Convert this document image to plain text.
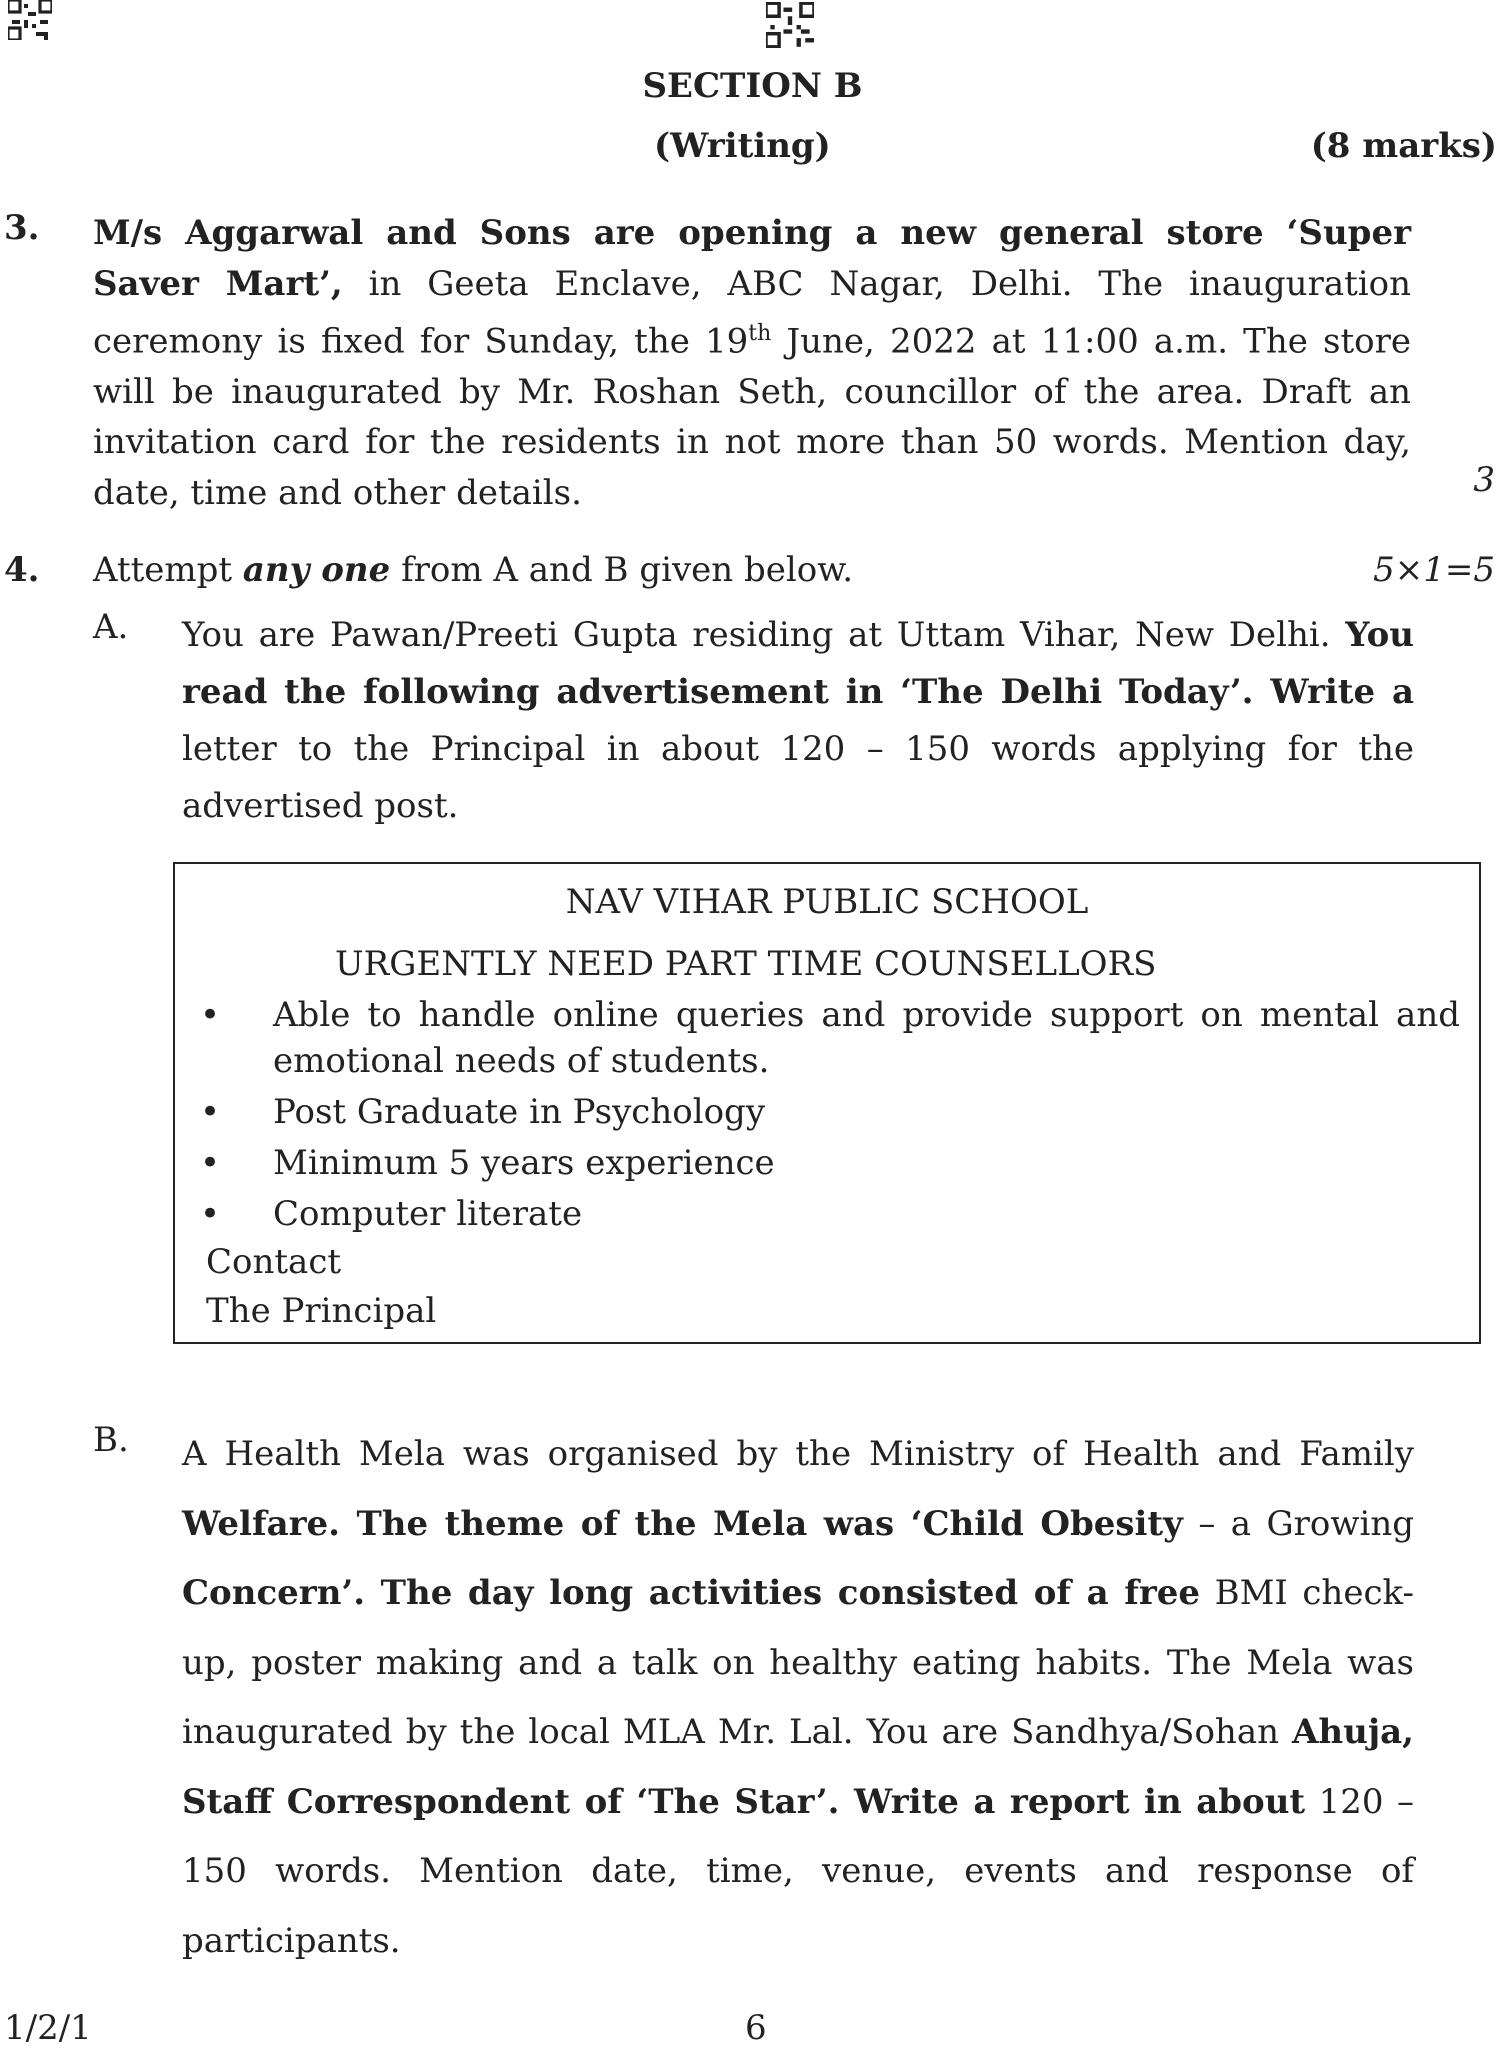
SECTION B
(Writing)	(8 marks)
3. M/s Aggarwal and Sons are opening a new general store ‘Super Saver Mart’, in Geeta Enclave, ABC Nagar, Delhi. The inauguration ceremony is fixed for Sunday, the 19th June, 2022 at 11:00 a.m. The store will be inaugurated by Mr. Roshan Seth, councillor of the area. Draft an invitation card for the residents in not more than 50 words. Mention day, date, time and other details.	3
4. Attempt any one from A and B given below.	5×1=5
A. You are Pawan/Preeti Gupta residing at Uttam Vihar, New Delhi. You read the following advertisement in ‘The Delhi Today’. Write a letter to the Principal in about 120 – 150 words applying for the advertised post.
NAV VIHAR PUBLIC SCHOOL
URGENTLY NEED PART TIME COUNSELLORS
• Able to handle online queries and provide support on mental and emotional needs of students.
• Post Graduate in Psychology
• Minimum 5 years experience
• Computer literate
Contact
The Principal
B. A Health Mela was organised by the Ministry of Health and Family Welfare. The theme of the Mela was ‘Child Obesity – a Growing Concern’. The day long activities consisted of a free BMI check-up, poster making and a talk on healthy eating habits. The Mela was inaugurated by the local MLA Mr. Lal. You are Sandhya/Sohan Ahuja, Staff Correspondent of ‘The Star’. Write a report in about 120 – 150 words. Mention date, time, venue, events and response of participants.
1/2/1	6
